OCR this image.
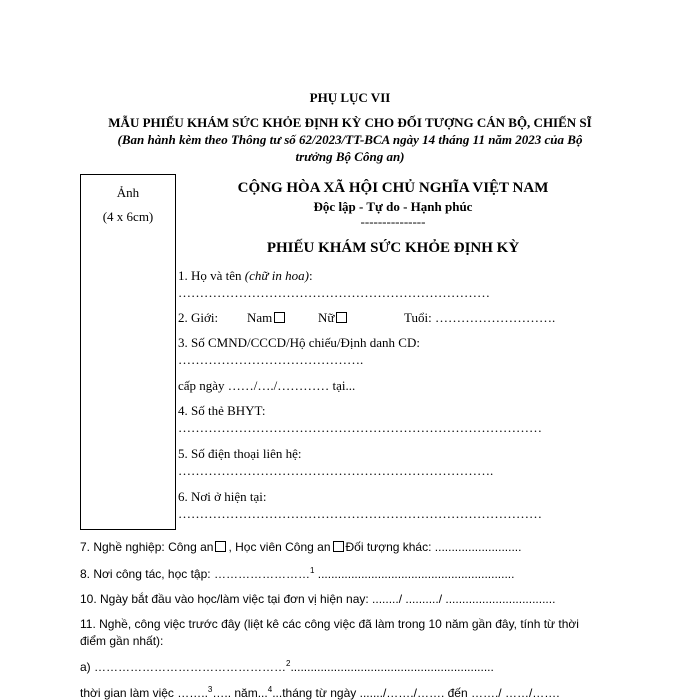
PHỤ LỤC VII
MẪU PHIẾU KHÁM SỨC KHỎE ĐỊNH KỲ CHO ĐỐI TƯỢNG CÁN BỘ, CHIẾN SĨ
(Ban hành kèm theo Thông tư số 62/2023/TT-BCA ngày 14 tháng 11 năm 2023 của Bộ
trưởng Bộ Công an)
Ảnh
(4 x 6cm)
CỘNG HÒA XÃ HỘI CHỦ NGHĨA VIỆT NAM
Độc lập - Tự do - Hạnh phúc
---------------
PHIẾU KHÁM SỨC KHỎE ĐỊNH KỲ
1. Họ và tên (chữ in hoa):
………………………………………………………………
2. Giới: Nam	Nữ	Tuổi: ……………………….
3. Số CMND/CCCD/Hộ chiếu/Định danh CD:
…………………………………….
cấp ngày ……/…./………… tại...
4. Số thẻ BHYT:
…………………………………………………………………………
5. Số điện thoại liên hệ:
……………………………………………………………….
6. Nơi ở hiện tại:
…………………………………………………………………………
7. Nghề nghiệp: Công an , Học viên Công an Đối tượng khác: ..........................
8. Nơi công tác, học tập: ……………………$^1$ ...........................................................
10. Ngày bắt đầu vào học/làm việc tại đơn vị hiện nay: ......../ ........../ .................................
11. Nghề, công việc trước đây (liệt kê các công việc đã làm trong 10 năm gần đây, tính từ thời
điểm gần nhất):
a) …………………………………………$^2$.............................................................
thời gian làm việc ……..$^3$….. năm...$^4$...tháng từ ngày ......./……./……. đến ……./ ……/…….
